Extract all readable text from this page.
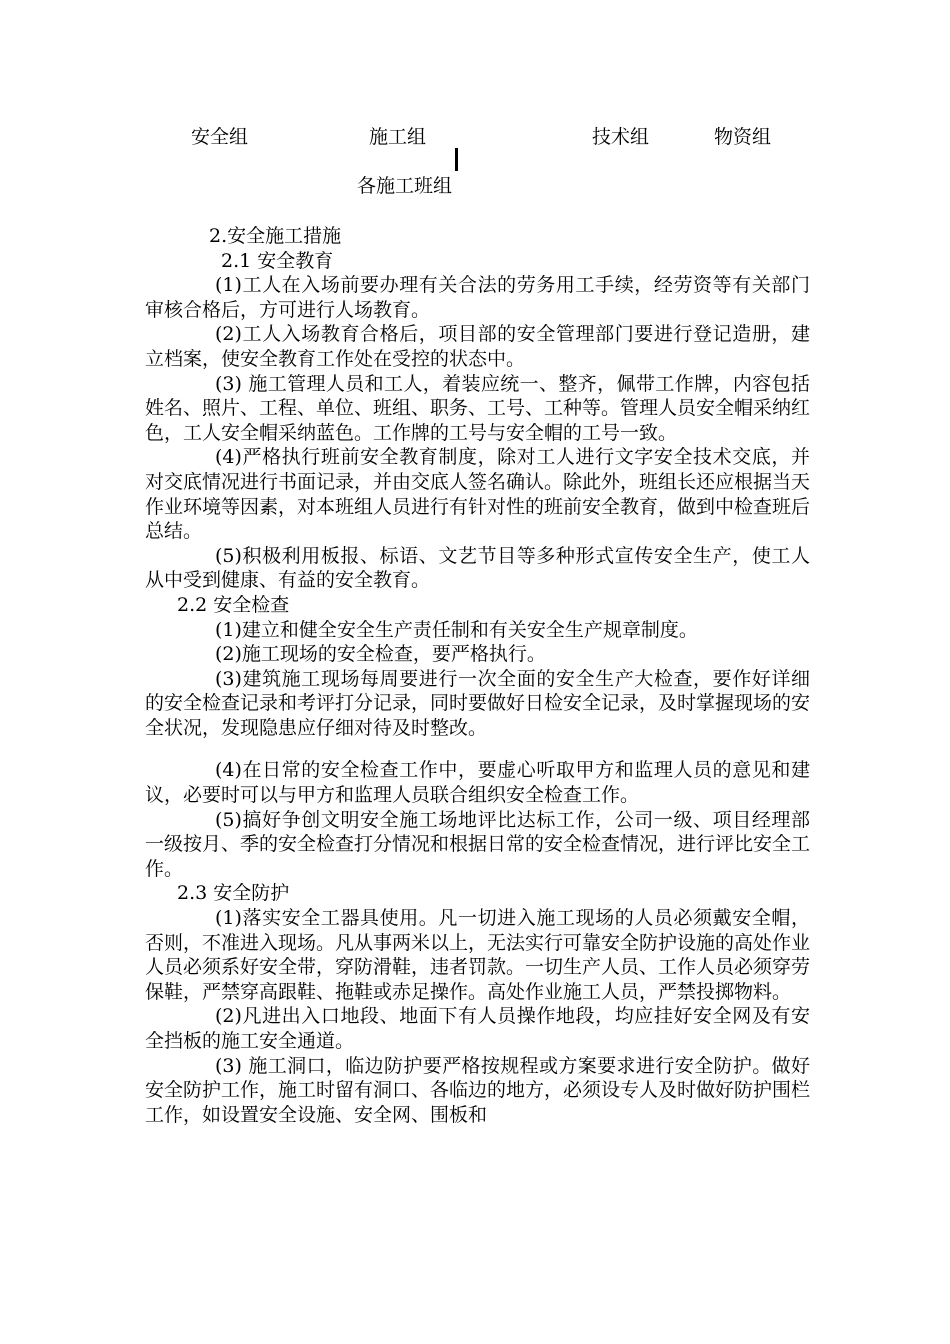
安全组	施工组	技术组	物资组
各施工班组

2.安全施工措施

2.1 安全教育

(1)工人在入场前要办理有关合法的劳务用工手续，经劳资等有关部门审核合格后，方可进行人场教育。

(2)工人入场教育合格后，项目部的安全管理部门要进行登记造册，建立档案，使安全教育工作处在受控的状态中。

(3) 施工管理人员和工人，着装应统一、整齐，佩带工作牌，内容包括姓名、照片、工程、单位、班组、职务、工号、工种等。管理人员安全帽采纳红色，工人安全帽采纳蓝色。工作牌的工号与安全帽的工号一致。

(4)严格执行班前安全教育制度，除对工人进行文字安全技术交底，并对交底情况进行书面记录，并由交底人签名确认。除此外，班组长还应根据当天作业环境等因素，对本班组人员进行有针对性的班前安全教育，做到中检查班后总结。

(5)积极利用板报、标语、文艺节目等多种形式宣传安全生产，使工人从中受到健康、有益的安全教育。

2.2 安全检查

(1)建立和健全安全生产责任制和有关安全生产规章制度。

(2)施工现场的安全检查，要严格执行。

(3)建筑施工现场每周要进行一次全面的安全生产大检查，要作好详细的安全检查记录和考评打分记录，同时要做好日检安全记录，及时掌握现场的安全状况，发现隐患应仔细对待及时整改。

(4)在日常的安全检查工作中，要虚心听取甲方和监理人员的意见和建议，必要时可以与甲方和监理人员联合组织安全检查工作。

(5)搞好争创文明安全施工场地评比达标工作，公司一级、项目经理部一级按月、季的安全检查打分情况和根据日常的安全检查情况，进行评比安全工作。

2.3 安全防护

(1)落实安全工器具使用。凡一切进入施工现场的人员必须戴安全帽，否则，不准进入现场。凡从事两米以上，无法实行可靠安全防护设施的高处作业人员必须系好安全带，穿防滑鞋，违者罚款。一切生产人员、工作人员必须穿劳保鞋，严禁穿高跟鞋、拖鞋或赤足操作。高处作业施工人员，严禁投掷物料。

(2)凡进出入口地段、地面下有人员操作地段，均应挂好安全网及有安全挡板的施工安全通道。

(3) 施工洞口，临边防护要严格按规程或方案要求进行安全防护。做好安全防护工作，施工时留有洞口、各临边的地方，必须设专人及时做好防护围栏工作，如设置安全设施、安全网、围板和
